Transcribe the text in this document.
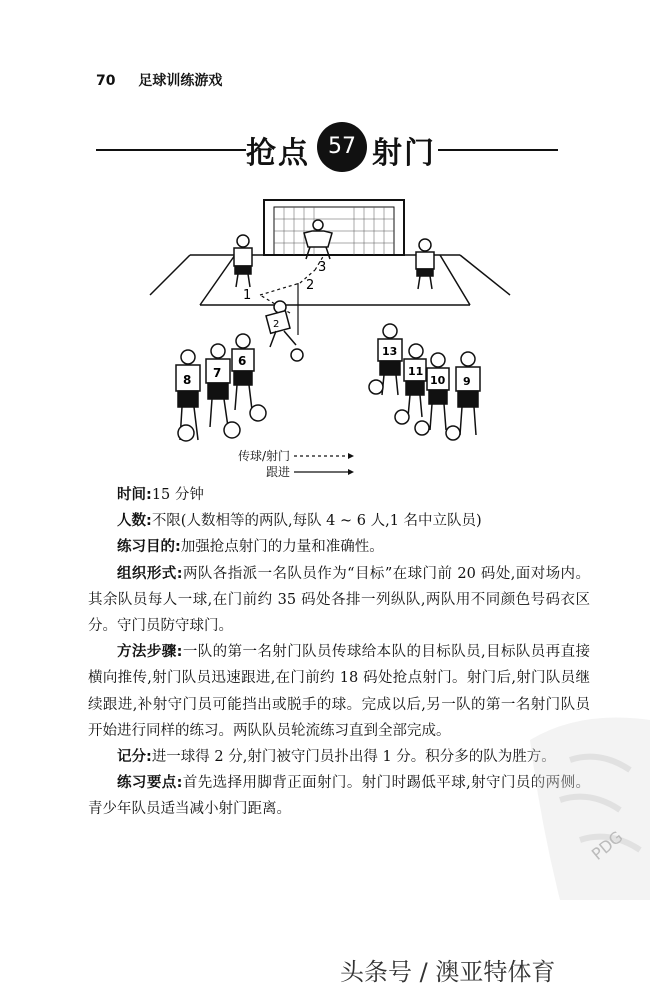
70 足球训练游戏
抢点 57 射门
1
2
3
2
8 7
6
13
11
10 9
传球/射门
跟进

时间:15 分钟

人数:不限(人数相等的两队,每队 4 ~ 6 人,1 名中立队员)

练习目的:加强抢点射门的力量和准确性。

组织形式:两队各指派一名队员作为“目标”在球门前 20 码处,面对场内。其余队员每人一球,在门前约 35 码处各排一列纵队,两队用不同颜色号码衣区分。守门员防守球门。

方法步骤:一队的第一名射门队员传球给本队的目标队员,目标队员再直接横向推传,射门队员迅速跟进,在门前约 18 码处抢点射门。射门后,射门队员继续跟进,补射守门员可能挡出或脱手的球。完成以后,另一队的第一名射门队员开始进行同样的练习。两队队员轮流练习直到全部完成。

记分:进一球得 2 分,射门被守门员扑出得 1 分。积分多的队为胜方。

练习要点:首先选择用脚背正面射门。射门时踢低平球,射守门员的两侧。青少年队员适当减小射门距离。

PDG
头条号 / 澳亚特体育
